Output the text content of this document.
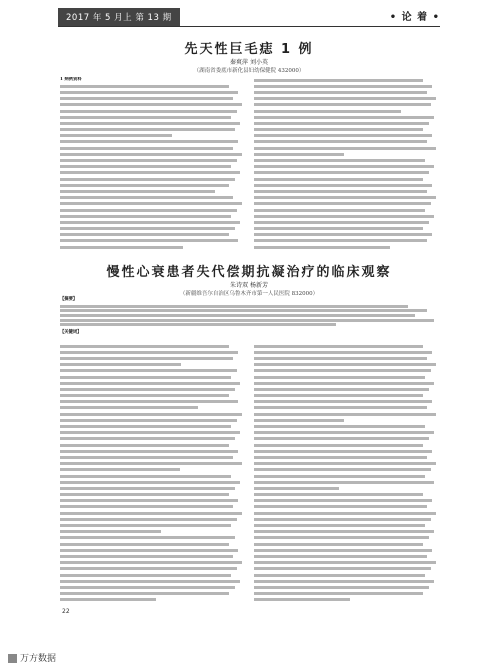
2017 年 5 月上 第 13 期	• 论 着 •
先天性巨毛痣 1 例
秦爽萍 刘小英
（湖南省娄底市新化县妇幼保健院 432000）
1 病例资料
慢性心衰患者失代偿期抗凝治疗的临床观察
朱诗双 杨新芳
（新疆维吾尔自治区乌鲁木齐市第一人民医院 832000）
【摘要】
【关键词】
22
万方数据
